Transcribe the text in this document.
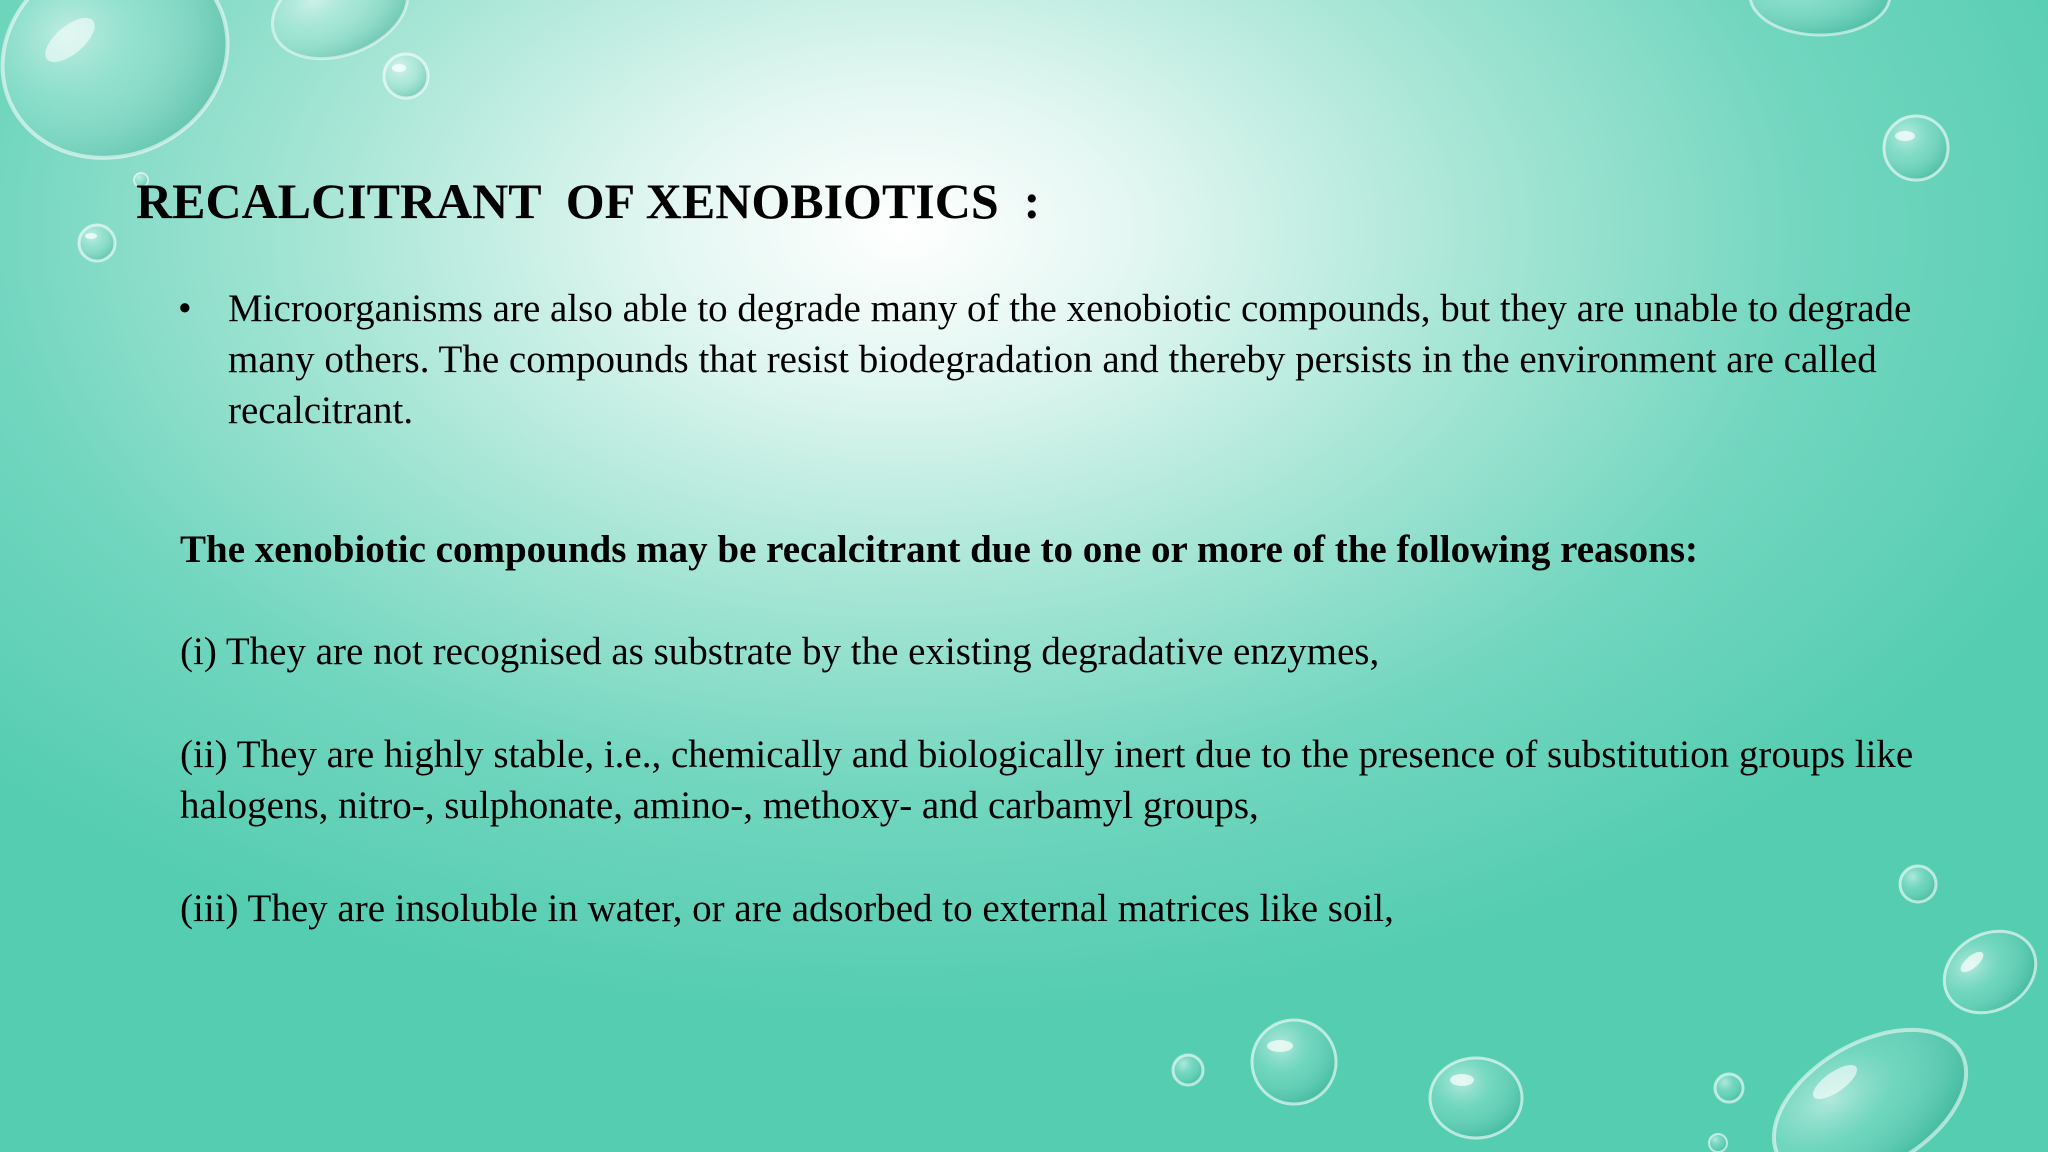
RECALCITRANT  OF XENOBIOTICS  :
• Microorganisms are also able to degrade many of the xenobiotic compounds, but they are unable to degrade many others. The compounds that resist biodegradation and thereby persists in the environment are called recalcitrant.

The xenobiotic compounds may be recalcitrant due to one or more of the following reasons:

(i) They are not recognised as substrate by the existing degradative enzymes,

(ii) They are highly stable, i.e., chemically and biologically inert due to the presence of substitution groups like halogens, nitro-, sulphonate, amino-, methoxy- and carbamyl groups,

(iii) They are insoluble in water, or are adsorbed to external matrices like soil,
